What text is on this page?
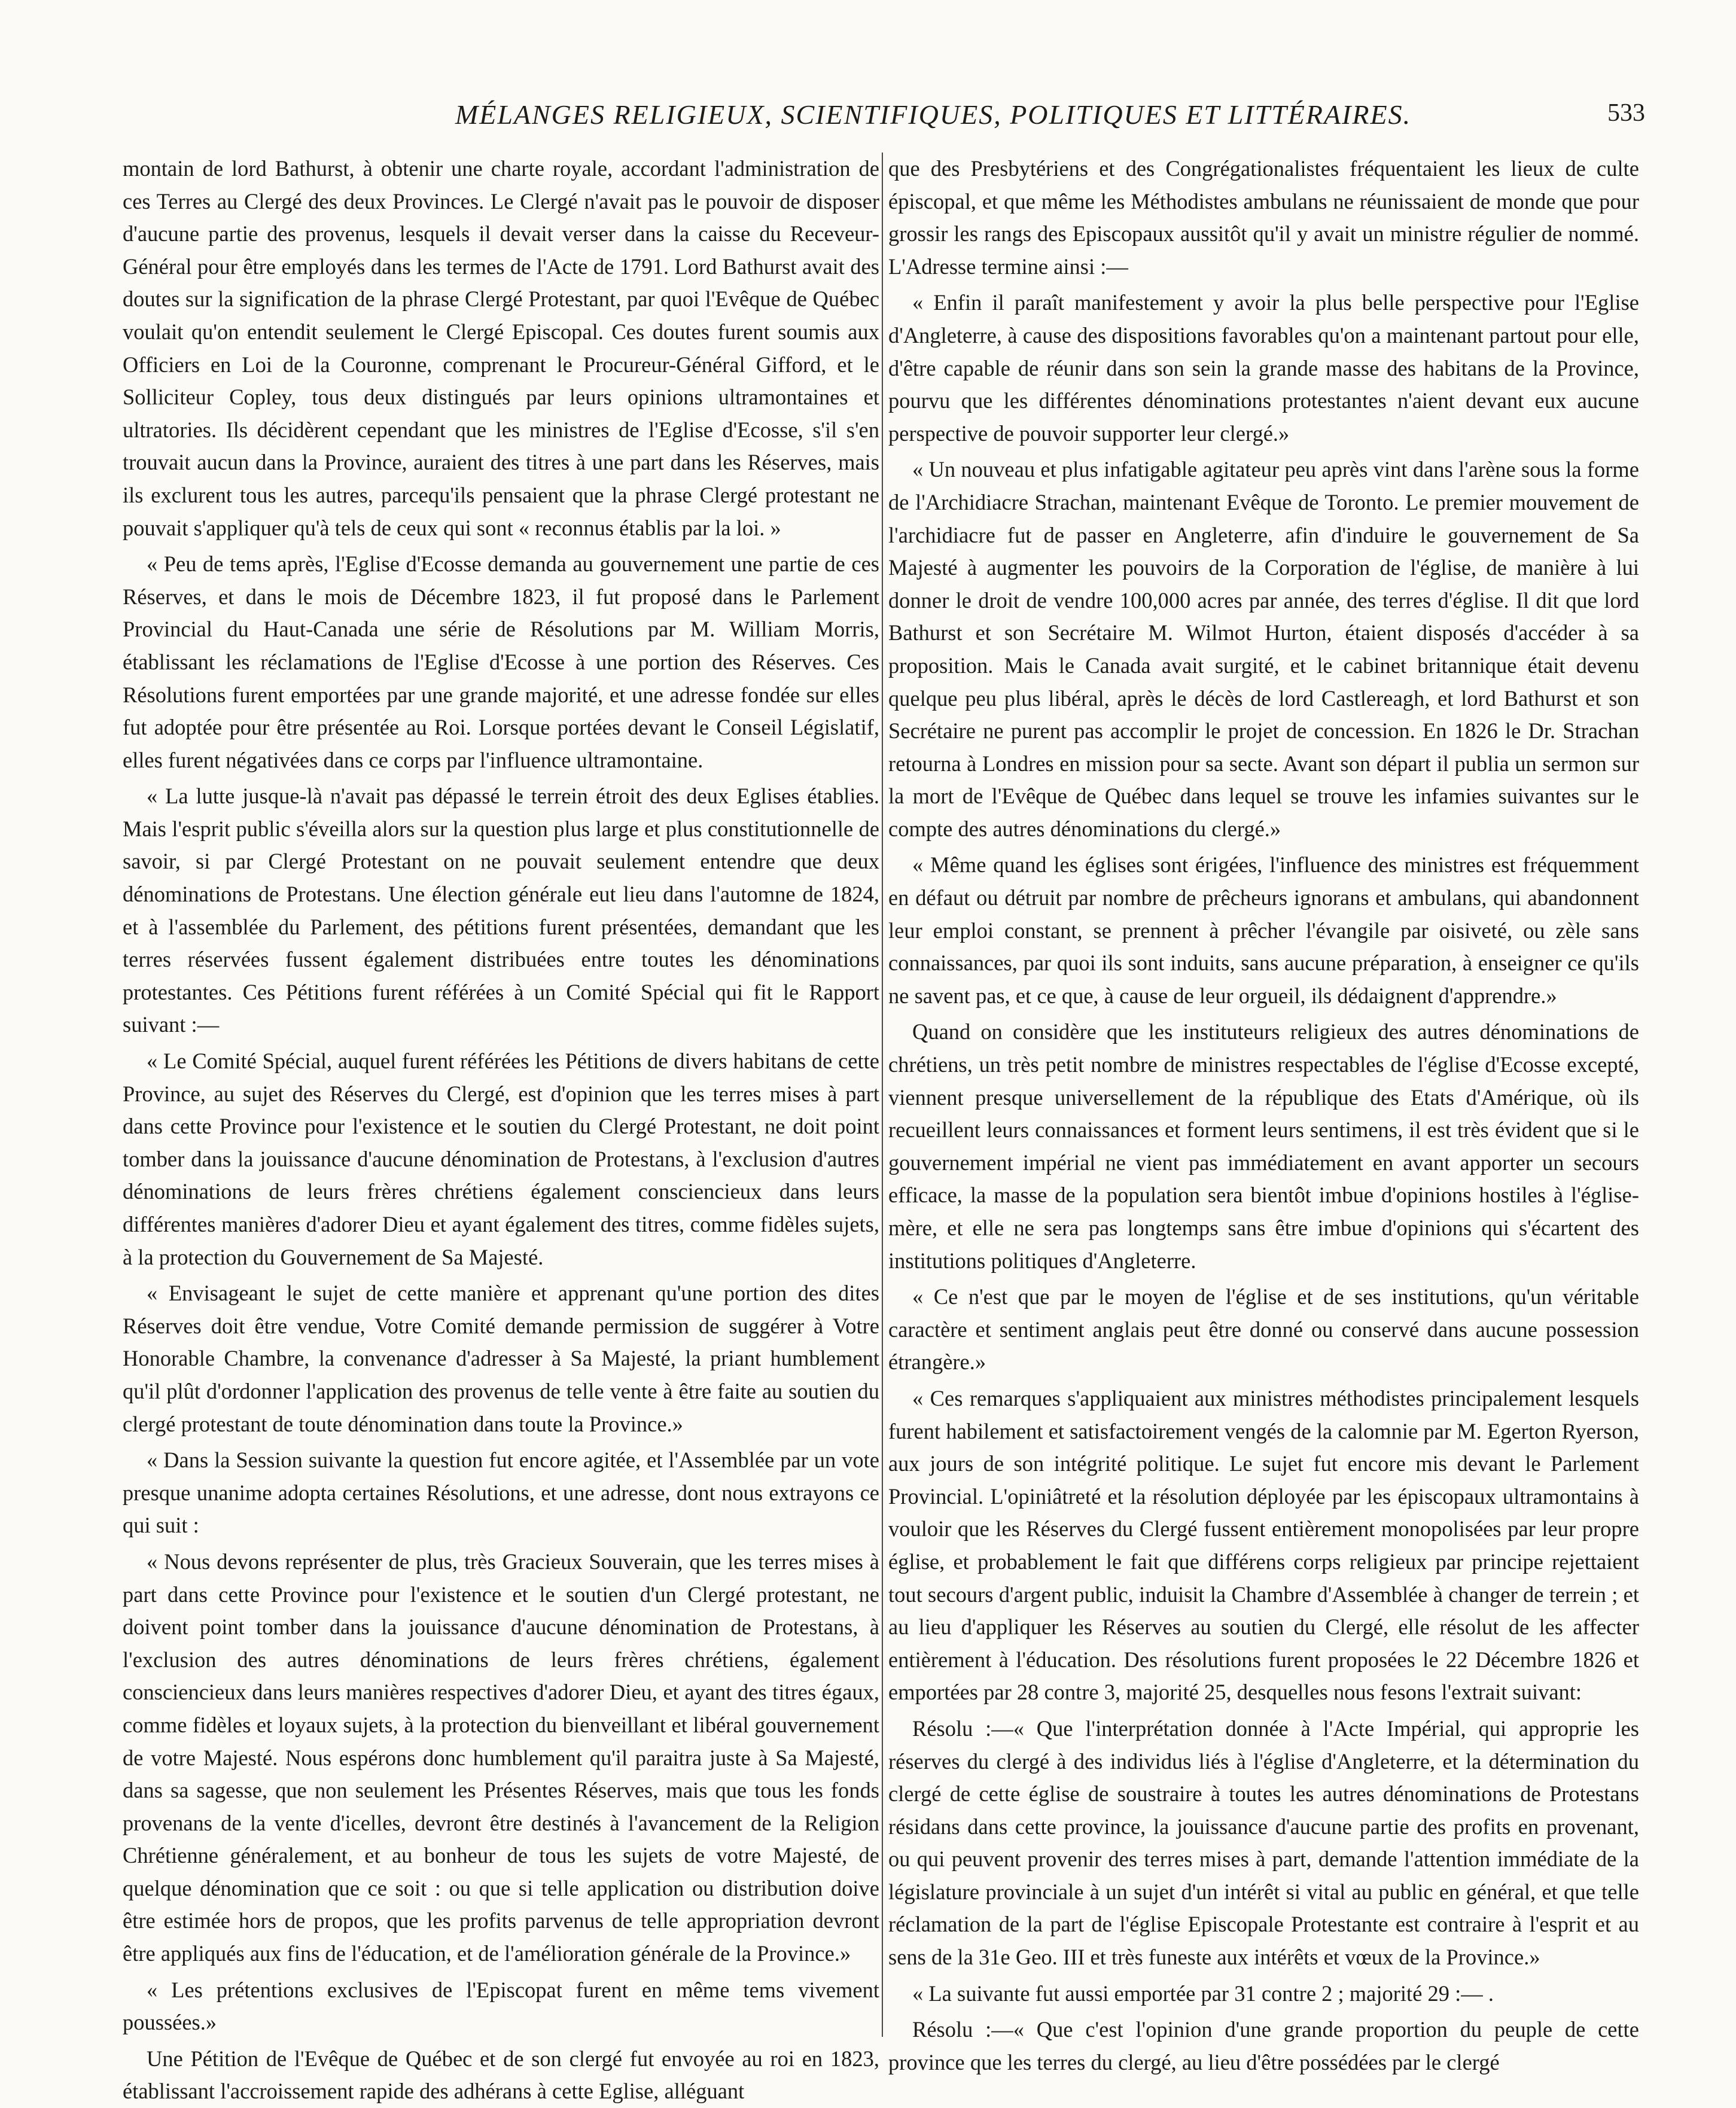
MÉLANGES RELIGIEUX, SCIENTIFIQUES, POLITIQUES ET LITTÉRAIRES.	533

montain de lord Bathurst, à obtenir une charte royale, accordant l'administration de ces Terres au Clergé des deux Provinces. Le Clergé n'avait pas le pouvoir de disposer d'aucune partie des provenus, lesquels il devait verser dans la caisse du Receveur-Général pour être employés dans les termes de l'Acte de 1791. Lord Bathurst avait des doutes sur la signification de la phrase Clergé Protestant, par quoi l'Evêque de Québec voulait qu'on entendit seulement le Clergé Episcopal. Ces doutes furent soumis aux Officiers en Loi de la Couronne, comprenant le Procureur-Général Gifford, et le Solliciteur Copley, tous deux distingués par leurs opinions ultramontaines et ultratories. Ils décidèrent cependant que les ministres de l'Eglise d'Ecosse, s'il s'en trouvait aucun dans la Province, auraient des titres à une part dans les Réserves, mais ils exclurent tous les autres, parcequ'ils pensaient que la phrase Clergé protestant ne pouvait s'appliquer qu'à tels de ceux qui sont « reconnus établis par la loi. »

« Peu de tems après, l'Eglise d'Ecosse demanda au gouvernement une partie de ces Réserves, et dans le mois de Décembre 1823, il fut proposé dans le Parlement Provincial du Haut-Canada une série de Résolutions par M. William Morris, établissant les réclamations de l'Eglise d'Ecosse à une portion des Réserves. Ces Résolutions furent emportées par une grande majorité, et une adresse fondée sur elles fut adoptée pour être présentée au Roi. Lorsque portées devant le Conseil Législatif, elles furent négativées dans ce corps par l'influence ultramontaine.

« La lutte jusque-là n'avait pas dépassé le terrein étroit des deux Eglises établies. Mais l'esprit public s'éveilla alors sur la question plus large et plus constitutionnelle de savoir, si par Clergé Protestant on ne pouvait seulement entendre que deux dénominations de Protestans. Une élection générale eut lieu dans l'automne de 1824, et à l'assemblée du Parlement, des pétitions furent présentées, demandant que les terres réservées fussent également distribuées entre toutes les dénominations protestantes. Ces Pétitions furent référées à un Comité Spécial qui fit le Rapport suivant :—

« Le Comité Spécial, auquel furent référées les Pétitions de divers habitans de cette Province, au sujet des Réserves du Clergé, est d'opinion que les terres mises à part dans cette Province pour l'existence et le soutien du Clergé Protestant, ne doit point tomber dans la jouissance d'aucune dénomination de Protestans, à l'exclusion d'autres dénominations de leurs frères chrétiens également consciencieux dans leurs différentes manières d'adorer Dieu et ayant également des titres, comme fidèles sujets, à la protection du Gouvernement de Sa Majesté.

« Envisageant le sujet de cette manière et apprenant qu'une portion des dites Réserves doit être vendue, Votre Comité demande permission de suggérer à Votre Honorable Chambre, la convenance d'adresser à Sa Majesté, la priant humblement qu'il plût d'ordonner l'application des provenus de telle vente à être faite au soutien du clergé protestant de toute dénomination dans toute la Province.»

« Dans la Session suivante la question fut encore agitée, et l'Assemblée par un vote presque unanime adopta certaines Résolutions, et une adresse, dont nous extrayons ce qui suit :

« Nous devons représenter de plus, très Gracieux Souverain, que les terres mises à part dans cette Province pour l'existence et le soutien d'un Clergé protestant, ne doivent point tomber dans la jouissance d'aucune dénomination de Protestans, à l'exclusion des autres dénominations de leurs frères chrétiens, également consciencieux dans leurs manières respectives d'adorer Dieu, et ayant des titres égaux, comme fidèles et loyaux sujets, à la protection du bienveillant et libéral gouvernement de votre Majesté. Nous espérons donc humblement qu'il paraitra juste à Sa Majesté, dans sa sagesse, que non seulement les Présentes Réserves, mais que tous les fonds provenans de la vente d'icelles, devront être destinés à l'avancement de la Religion Chrétienne généralement, et au bonheur de tous les sujets de votre Majesté, de quelque dénomination que ce soit : ou que si telle application ou distribution doive être estimée hors de propos, que les profits parvenus de telle appropriation devront être appliqués aux fins de l'éducation, et de l'amélioration générale de la Province.»

« Les prétentions exclusives de l'Episcopat furent en même tems vivement poussées.»

Une Pétition de l'Evêque de Québec et de son clergé fut envoyée au roi en 1823, établissant l'accroissement rapide des adhérans à cette Eglise, alléguant

que des Presbytériens et des Congrégationalistes fréquentaient les lieux de culte épiscopal, et que même les Méthodistes ambulans ne réunissaient de monde que pour grossir les rangs des Episcopaux aussitôt qu'il y avait un ministre régulier de nommé. L'Adresse termine ainsi :—

« Enfin il paraît manifestement y avoir la plus belle perspective pour l'Eglise d'Angleterre, à cause des dispositions favorables qu'on a maintenant partout pour elle, d'être capable de réunir dans son sein la grande masse des habitans de la Province, pourvu que les différentes dénominations protestantes n'aient devant eux aucune perspective de pouvoir supporter leur clergé.»

« Un nouveau et plus infatigable agitateur peu après vint dans l'arène sous la forme de l'Archidiacre Strachan, maintenant Evêque de Toronto. Le premier mouvement de l'archidiacre fut de passer en Angleterre, afin d'induire le gouvernement de Sa Majesté à augmenter les pouvoirs de la Corporation de l'église, de manière à lui donner le droit de vendre 100,000 acres par année, des terres d'église. Il dit que lord Bathurst et son Secrétaire M. Wilmot Hurton, étaient disposés d'accéder à sa proposition. Mais le Canada avait surgité, et le cabinet britannique était devenu quelque peu plus libéral, après le décès de lord Castlereagh, et lord Bathurst et son Secrétaire ne purent pas accomplir le projet de concession. En 1826 le Dr. Strachan retourna à Londres en mission pour sa secte. Avant son départ il publia un sermon sur la mort de l'Evêque de Québec dans lequel se trouve les infamies suivantes sur le compte des autres dénominations du clergé.»

« Même quand les églises sont érigées, l'influence des ministres est fréquemment en défaut ou détruit par nombre de prêcheurs ignorans et ambulans, qui abandonnent leur emploi constant, se prennent à prêcher l'évangile par oisiveté, ou zèle sans connaissances, par quoi ils sont induits, sans aucune préparation, à enseigner ce qu'ils ne savent pas, et ce que, à cause de leur orgueil, ils dédaignent d'apprendre.»

Quand on considère que les instituteurs religieux des autres dénominations de chrétiens, un très petit nombre de ministres respectables de l'église d'Ecosse excepté, viennent presque universellement de la république des Etats d'Amérique, où ils recueillent leurs connaissances et forment leurs sentimens, il est très évident que si le gouvernement impérial ne vient pas immédiatement en avant apporter un secours efficace, la masse de la population sera bientôt imbue d'opinions hostiles à l'église-mère, et elle ne sera pas longtemps sans être imbue d'opinions qui s'écartent des institutions politiques d'Angleterre.

« Ce n'est que par le moyen de l'église et de ses institutions, qu'un véritable caractère et sentiment anglais peut être donné ou conservé dans aucune possession étrangère.»

« Ces remarques s'appliquaient aux ministres méthodistes principalement lesquels furent habilement et satisfactoirement vengés de la calomnie par M. Egerton Ryerson, aux jours de son intégrité politique. Le sujet fut encore mis devant le Parlement Provincial. L'opiniâtreté et la résolution déployée par les épiscopaux ultramontains à vouloir que les Réserves du Clergé fussent entièrement monopolisées par leur propre église, et probablement le fait que différens corps religieux par principe rejettaient tout secours d'argent public, induisit la Chambre d'Assemblée à changer de terrein ; et au lieu d'appliquer les Réserves au soutien du Clergé, elle résolut de les affecter entièrement à l'éducation. Des résolutions furent proposées le 22 Décembre 1826 et emportées par 28 contre 3, majorité 25, desquelles nous fesons l'extrait suivant:

Résolu :—« Que l'interprétation donnée à l'Acte Impérial, qui approprie les réserves du clergé à des individus liés à l'église d'Angleterre, et la détermination du clergé de cette église de soustraire à toutes les autres dénominations de Protestans résidans dans cette province, la jouissance d'aucune partie des profits en provenant, ou qui peuvent provenir des terres mises à part, demande l'attention immédiate de la législature provinciale à un sujet d'un intérêt si vital au public en général, et que telle réclamation de la part de l'église Episcopale Protestante est contraire à l'esprit et au sens de la 31e Geo. III et très funeste aux intérêts et vœux de la Province.»

« La suivante fut aussi emportée par 31 contre 2 ; majorité 29 :— .

Résolu :—« Que c'est l'opinion d'une grande proportion du peuple de cette province que les terres du clergé, au lieu d'être possédées par le clergé
